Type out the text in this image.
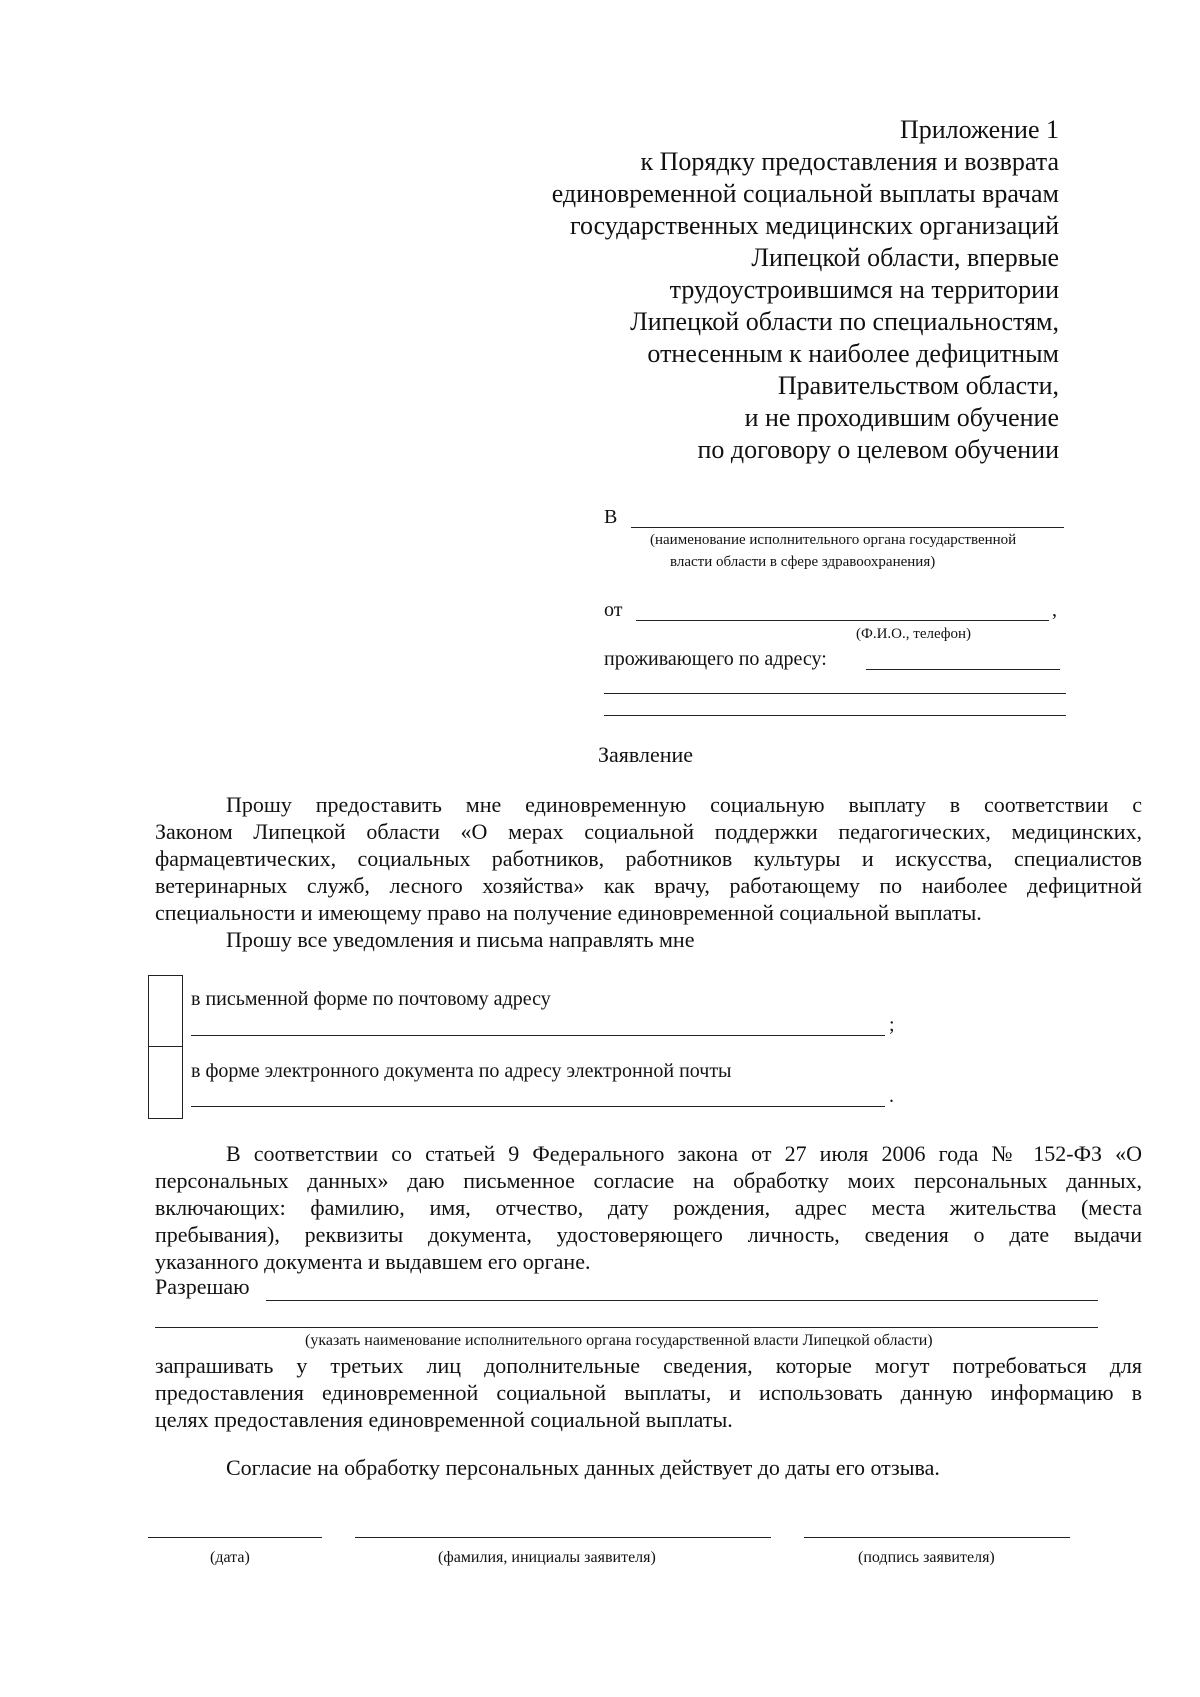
Приложение 1
к Порядку предоставления и возврата
единовременной социальной выплаты врачам
государственных медицинских организаций
Липецкой области, впервые
трудоустроившимся на территории
Липецкой области по специальностям,
отнесенным к наиболее дефицитным
Правительством области,
и не проходившим обучение
по договору о целевом обучении
В
(наименование исполнительного органа государственной
власти области в сфере здравоохранения)
от	,
(Ф.И.О., телефон)
проживающего по адресу:
Заявление
Прошу предоставить мне единовременную социальную выплату в соответствии с
Законом Липецкой области «О мерах социальной поддержки педагогических, медицинских,
фармацевтических, социальных работников, работников культуры и искусства, специалистов
ветеринарных служб, лесного хозяйства» как врачу, работающему по наиболее дефицитной
специальности и имеющему право на получение единовременной социальной выплаты.
Прошу все уведомления и письма направлять мне
в письменной форме по почтовому адресу
;
в форме электронного документа по адресу электронной почты
.
В соответствии со статьей 9 Федерального закона от 27 июля 2006 года № 152-ФЗ «О
персональных данных» даю письменное согласие на обработку моих персональных данных,
включающих: фамилию, имя, отчество, дату рождения, адрес места жительства (места
пребывания), реквизиты документа, удостоверяющего личность, сведения о дате выдачи
указанного документа и выдавшем его органе.
Разрешаю
(указать наименование исполнительного органа государственной власти Липецкой области)
запрашивать у третьих лиц дополнительные сведения, которые могут потребоваться для
предоставления единовременной социальной выплаты, и использовать данную информацию в
целях предоставления единовременной социальной выплаты.
Согласие на обработку персональных данных действует до даты его отзыва.
(дата)	(фамилия, инициалы заявителя)	(подпись заявителя)
